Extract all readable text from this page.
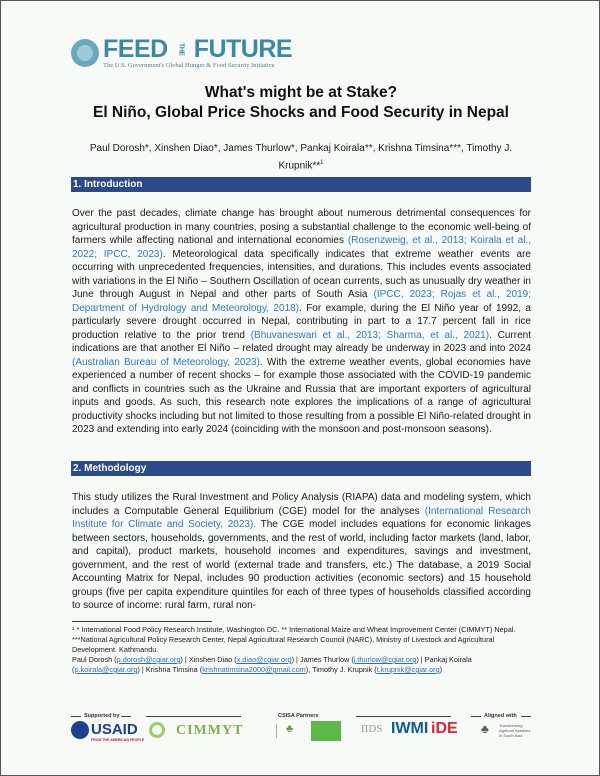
FEED	THE FUTURE
The U.S. Government's Global Hunger & Food Security Initiative
What's might be at Stake?
El Niño, Global Price Shocks and Food Security in Nepal
Paul Dorosh*, Xinshen Diao*, James Thurlow*, Pankaj Koirala**, Krishna Timsina***, Timothy J.
Krupnik**$^1$
1. Introduction
Over the past decades, climate change has brought about numerous detrimental consequences for agricultural production in many countries, posing a substantial challenge to the economic well-being of farmers while affecting national and international economies (Rosenzweig, et al., 2013; Koirala et al., 2022; IPCC, 2023). Meteorological data specifically indicates that extreme weather events are occurring with unprecedented frequencies, intensities, and durations. This includes events associated with variations in the El Niño – Southern Oscillation of ocean currents, such as unusually dry weather in June through August in Nepal and other parts of South Asia (IPCC, 2023; Rojas et al., 2019; Department of Hydrology and Meteorology, 2018). For example, during the El Niño year of 1992, a particularly severe drought occurred in Nepal, contributing in part to a 17.7 percent fall in rice production relative to the prior trend (Bhuvaneswari et al., 2013; Sharma, et al., 2021). Current indications are that another El Niño – related drought may already be underway in 2023 and into 2024 (Australian Bureau of Meteorology, 2023). With the extreme weather events, global economies have experienced a number of recent shocks – for example those associated with the COVID-19 pandemic and conflicts in countries such as the Ukraine and Russia that are important exporters of agricultural inputs and goods. As such, this research note explores the implications of a range of agricultural productivity shocks including but not limited to those resulting from a possible El Niño-related drought in 2023 and extending into early 2024 (coinciding with the monsoon and post-monsoon seasons).
2. Methodology
This study utilizes the Rural Investment and Policy Analysis (RIAPA) data and modeling system, which includes a Computable General Equilibrium (CGE) model for the analyses (International Research Institute for Climate and Society, 2023). The CGE model includes equations for economic linkages between sectors, households, governments, and the rest of world, including factor markets (land, labor, and capital), product markets, household incomes and expenditures, savings and investment, government, and the rest of world (external trade and transfers, etc.) The database, a 2019 Social Accounting Matrix for Nepal, includes 90 production activities (economic sectors) and 15 household groups (five per capita expenditure quintiles for each of three types of households classified according to source of income: rural farm, rural non-
¹ * International Food Policy Research Institute, Washington DC. ** International Maize and Wheat Improvement Center (CIMMYT) Nepal. ***National Agricultural Policy Research Center, Nepal Agricultural Research Council (NARC), Ministry of Livestock and Agricultural Development. Kathmandu.
Paul Dorosh (p.dorosh@cgiar.org) | Xinshen Diao (x.diao@cgiar.org) | James Thurlow (j.thurlow@cgiar.org) | Pankaj Koirala (p.koirala@cgiar.org) | Krishna Timsina (krishnatimsina2000@gmail.com), Timothy J. Krupnik (t.krupnik@cgiar.org)
Supported by	CSISA Partners	Aligned with
USAID
FROM THE AMERICAN PEOPLE
CIMMYT	♣	IIDS IWMI iDE ♣	Transforming Agrifood Systems in South Asia
